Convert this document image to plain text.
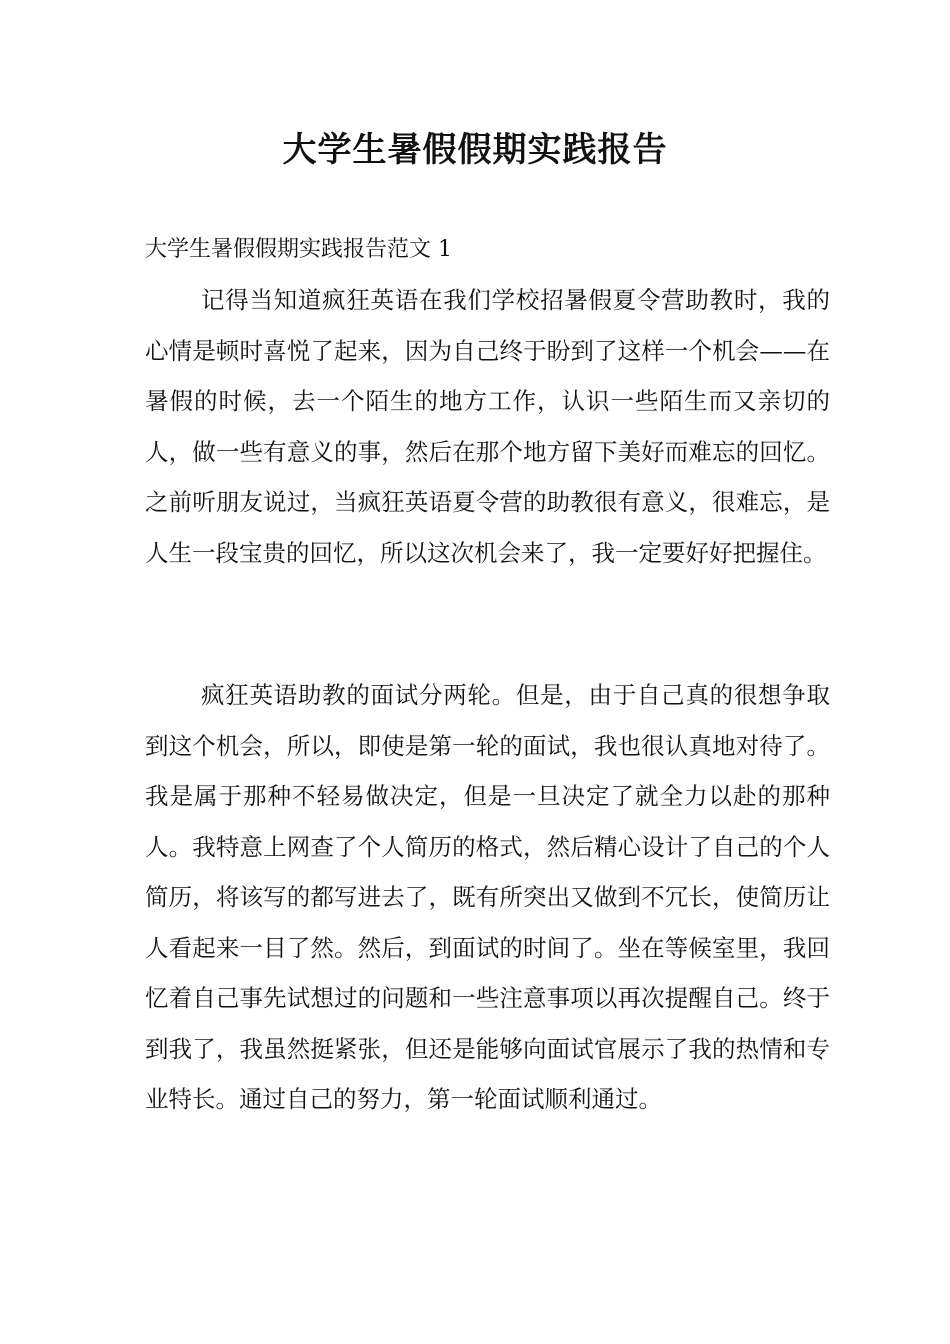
大学生暑假假期实践报告

大学生暑假假期实践报告范文 1

记得当知道疯狂英语在我们学校招暑假夏令营助教时，我的心情是顿时喜悦了起来，因为自己终于盼到了这样一个机会——在暑假的时候，去一个陌生的地方工作，认识一些陌生而又亲切的人，做一些有意义的事，然后在那个地方留下美好而难忘的回忆。之前听朋友说过，当疯狂英语夏令营的助教很有意义，很难忘，是人生一段宝贵的回忆，所以这次机会来了，我一定要好好把握住。

疯狂英语助教的面试分两轮。但是，由于自己真的很想争取到这个机会，所以，即使是第一轮的面试，我也很认真地对待了。我是属于那种不轻易做决定，但是一旦决定了就全力以赴的那种人。我特意上网查了个人简历的格式，然后精心设计了自己的个人简历，将该写的都写进去了，既有所突出又做到不冗长，使简历让人看起来一目了然。然后，到面试的时间了。坐在等候室里，我回忆着自己事先试想过的问题和一些注意事项以再次提醒自己。终于到我了，我虽然挺紧张，但还是能够向面试官展示了我的热情和专业特长。通过自己的努力，第一轮面试顺利通过。
